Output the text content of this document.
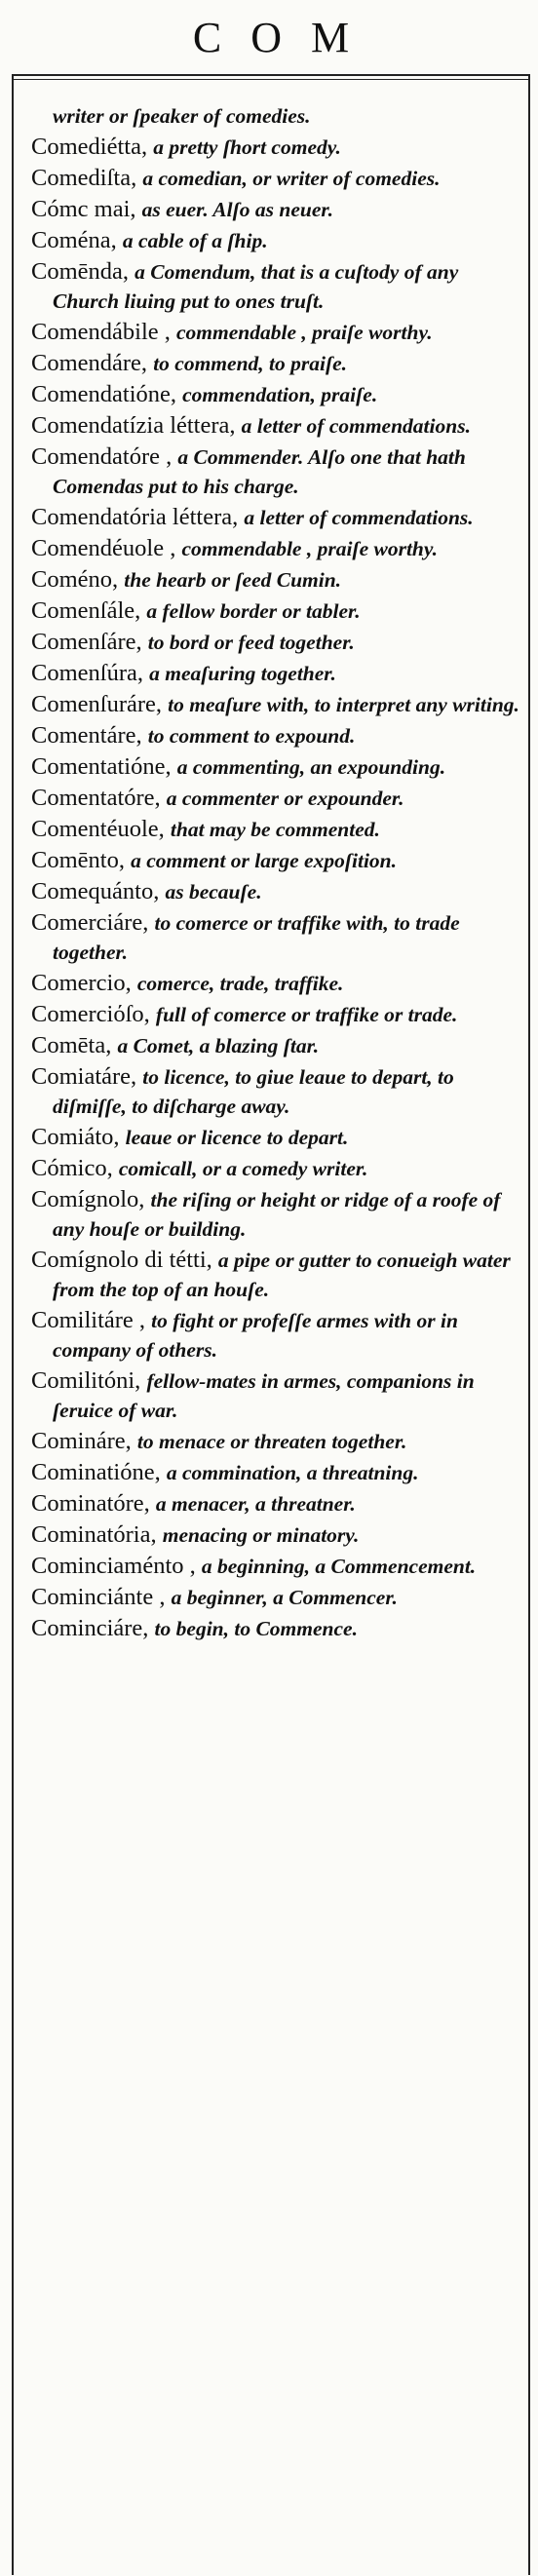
COM

writer or ſpeaker of comedies.

Comediétta, a pretty ſhort comedy.

Comediſta, a comedian, or writer of comedies.

Cómc mai, as euer. Alſo as neuer.

Coména, a cable of a ſhip.

Comēnda, a Comendum, that is a cuſtody of any Church liuing put to ones truſt.

Comendábile , commendable , praiſe worthy.

Comendáre, to commend, to praiſe.

Comendatióne, commendation, praiſe.

Comendatízia léttera, a letter of commendations.

Comendatóre , a Commender. Alſo one that hath Comendas put to his charge.

Comendatória léttera, a letter of commendations.

Comendéuole , commendable , praiſe worthy.

Coméno, the hearb or ſeed Cumin.

Comenſále, a fellow border or tabler.

Comenſáre, to bord or feed together.

Comenſúra, a meaſuring together.

Comenſuráre, to meaſure with, to interpret any writing.

Comentáre, to comment to expound.

Comentatióne, a commenting, an expounding.

Comentatóre, a commenter or expounder.

Comentéuole, that may be commented.

Comēnto, a comment or large expoſition.

Comequánto, as becauſe.

Comerciáre, to comerce or traffike with, to trade together.

Comercio, comerce, trade, traffike.

Comerciόſo, full of comerce or traffike or trade.

Comēta, a Comet, a blazing ſtar.

Comiatáre, to licence, to giue leaue to depart, to diſmiſſe, to diſcharge away.

Comiáto, leaue or licence to depart.

Cómico, comicall, or a comedy writer.

Comígnolo, the riſing or height or ridge of a roofe of any houſe or building.

Comígnolo di tétti, a pipe or gutter to conueigh water from the top of an houſe.

Comilitáre , to fight or profeſſe armes with or in company of others.

Comilitóni, fellow-mates in armes, companions in ſeruice of war.

Comináre, to menace or threaten together.

Cominatióne, a commination, a threatning.

Cominatóre, a menacer, a threatner.

Cominatória, menacing or minatory.

Cominciaménto , a beginning, a Commencement.

Cominciánte , a beginner, a Commencer.

Cominciáre, to begin, to Commence.
